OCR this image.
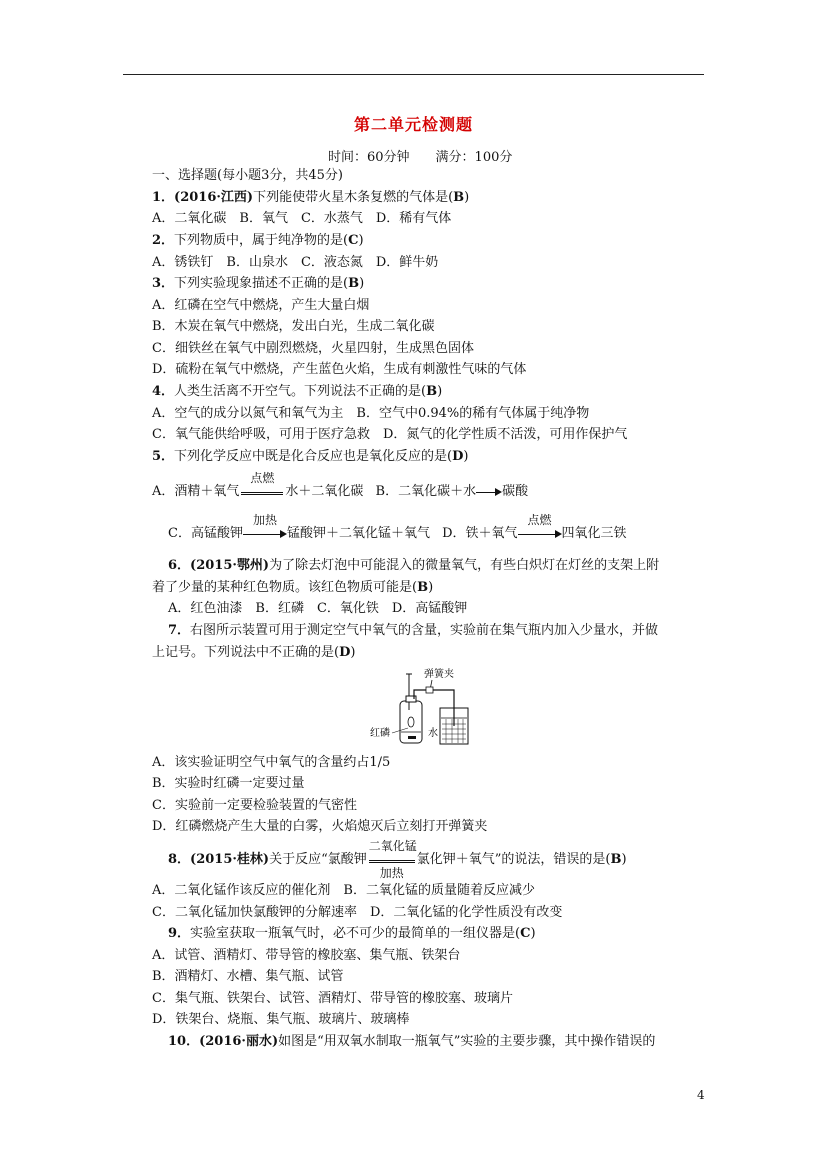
第二单元检测题
时间：60分钟 满分：100分
一、选择题(每小题3分，共45分)
1．(2016·江西)下列能使带火星木条复燃的气体是(B)
A．二氧化碳　B．氧气　C．水蒸气　D．稀有气体
2．下列物质中，属于纯净物的是(C)
A．锈铁钉　B．山泉水　C．液态氮　D．鲜牛奶
3．下列实验现象描述不正确的是(B)
A．红磷在空气中燃烧，产生大量白烟
B．木炭在氧气中燃烧，发出白光，生成二氧化碳
C．细铁丝在氧气中剧烈燃烧，火星四射，生成黑色固体
D．硫粉在氧气中燃烧，产生蓝色火焰，生成有刺激性气味的气体
4．人类生活离不开空气。下列说法不正确的是(B)
A．空气的成分以氮气和氧气为主　B．空气中0.94%的稀有气体属于纯净物
C．氧气能供给呼吸，可用于医疗急救　D．氮气的化学性质不活泼，可用作保护气
5．下列化学反应中既是化合反应也是氧化反应的是(D)
A．酒精＋氧气
点燃
水＋二氧化碳 B．二氧化碳＋水 碳酸
C．高锰酸钾
加热
锰酸钾＋二氧化锰＋氧气 D．铁＋氧气
点燃
四氧化三铁
6．(2015·鄂州)为了除去灯泡中可能混入的微量氧气，有些白炽灯在灯丝的支架上附
着了少量的某种红色物质。该红色物质可能是(B)
A．红色油漆　B．红磷　C．氧化铁　D．高锰酸钾
7．右图所示装置可用于测定空气中氧气的含量，实验前在集气瓶内加入少量水，并做
上记号。下列说法中不正确的是(D)
弹簧夹
红磷	水
A．该实验证明空气中氧气的含量约占1/5
B．实验时红磷一定要过量
C．实验前一定要检验装置的气密性
D．红磷燃烧产生大量的白雾，火焰熄灭后立刻打开弹簧夹
8．(2015·桂林)关于反应“氯酸钾
二氧化锰
加热
氯化钾＋氧气”的说法，错误的是(B)
A．二氧化锰作该反应的催化剂　B．二氧化锰的质量随着反应减少
C．二氧化锰加快氯酸钾的分解速率　D．二氧化锰的化学性质没有改变
9．实验室获取一瓶氧气时，必不可少的最简单的一组仪器是(C)
A．试管、酒精灯、带导管的橡胶塞、集气瓶、铁架台
B．酒精灯、水槽、集气瓶、试管
C．集气瓶、铁架台、试管、酒精灯、带导管的橡胶塞、玻璃片
D．铁架台、烧瓶、集气瓶、玻璃片、玻璃棒
10．(2016·丽水)如图是“用双氧水制取一瓶氧气”实验的主要步骤，其中操作错误的
4
